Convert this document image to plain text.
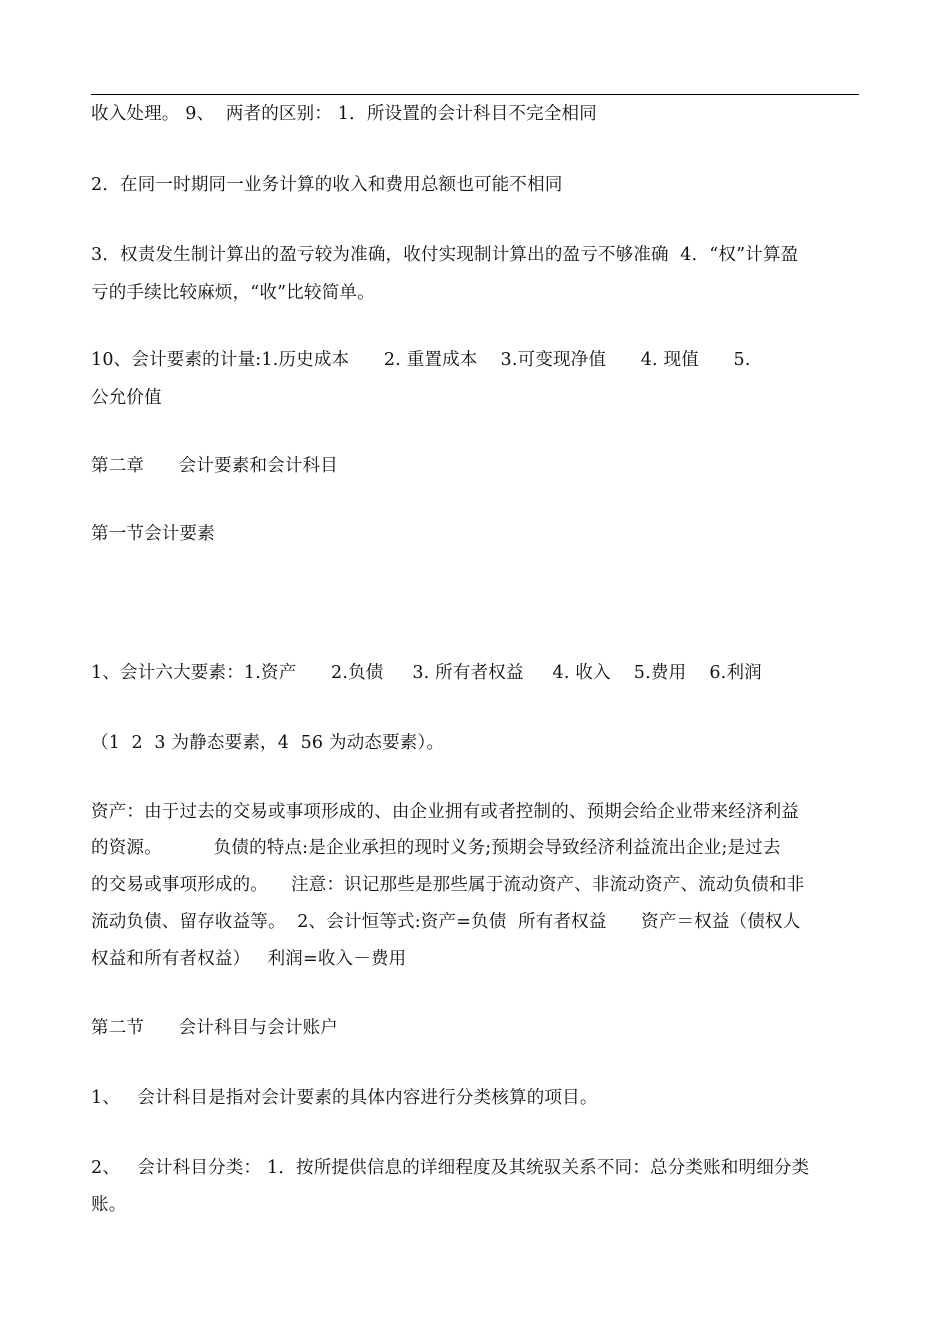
收入处理。 9、  两者的区别： 1．所设置的会计科目不完全相同
2．在同一时期同一业务计算的收入和费用总额也可能不相同
3．权责发生制计算出的盈亏较为准确，收付实现制计算出的盈亏不够准确  4．“权”计算盈
亏的手续比较麻烦，“收”比较简单。
10、会计要素的计量:1.历史成本      2. 重置成本    3.可变现净值      4. 现值      5.
公允价值
第二章      会计要素和会计科目
第一节会计要素
1、会计六大要素：1.资产      2.负债     3. 所有者权益     4. 收入    5.费用    6.利润
（1  2  3 为静态要素，4  56 为动态要素）。
资产：由于过去的交易或事项形成的、由企业拥有或者控制的、预期会给企业带来经济利益
的资源。         负债的特点:是企业承担的现时义务;预期会导致经济利益流出企业;是过去
的交易或事项形成的。    注意：识记那些是那些属于流动资产、非流动资产、流动负债和非
流动负债、留存收益等。  2、会计恒等式:资产=负债  所有者权益      资产＝权益（债权人
权益和所有者权益）   利润=收入－费用
第二节      会计科目与会计账户
1、   会计科目是指对会计要素的具体内容进行分类核算的项目。
2、   会计科目分类： 1．按所提供信息的详细程度及其统驭关系不同：总分类账和明细分类
账。
